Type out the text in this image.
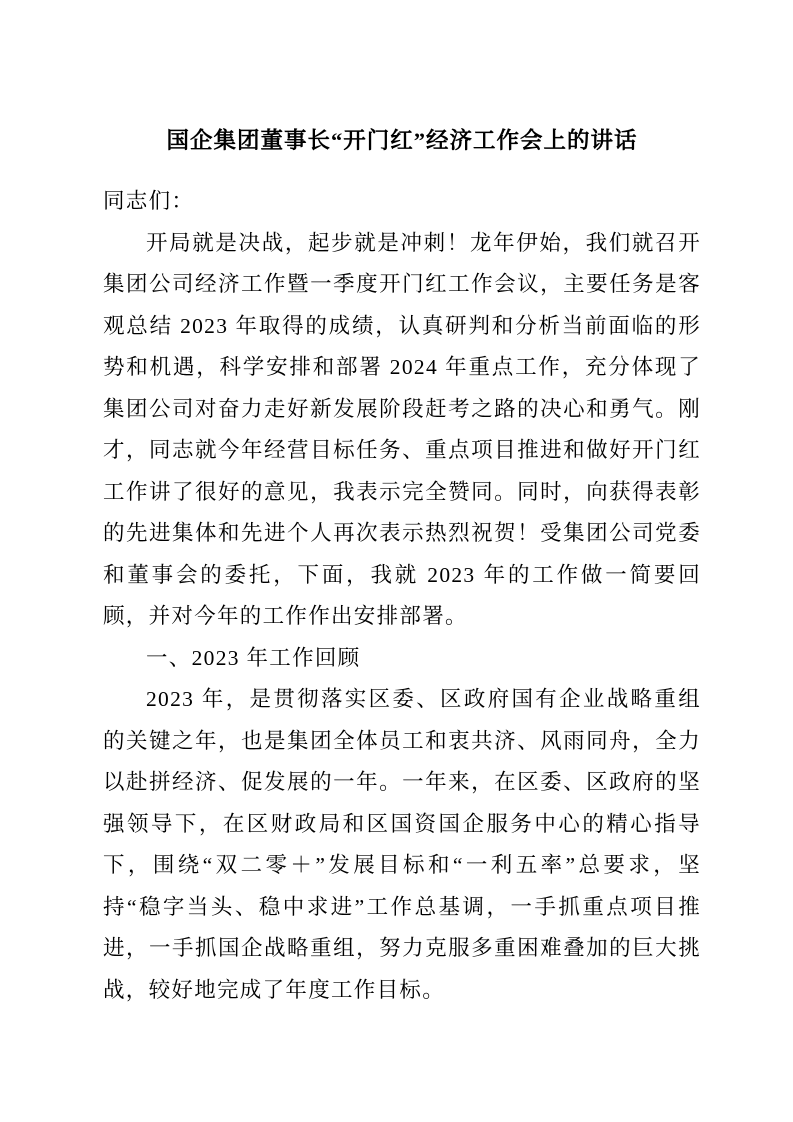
国企集团董事长“开门红”经济工作会上的讲话

同志们：

开局就是决战，起步就是冲刺！龙年伊始，我们就召开集团公司经济工作暨一季度开门红工作会议，主要任务是客观总结 2023 年取得的成绩，认真研判和分析当前面临的形势和机遇，科学安排和部署 2024 年重点工作，充分体现了集团公司对奋力走好新发展阶段赶考之路的决心和勇气。刚才，同志就今年经营目标任务、重点项目推进和做好开门红工作讲了很好的意见，我表示完全赞同。同时，向获得表彰的先进集体和先进个人再次表示热烈祝贺！受集团公司党委和董事会的委托，下面，我就 2023 年的工作做一简要回顾，并对今年的工作作出安排部署。

一、2023 年工作回顾

2023 年，是贯彻落实区委、区政府国有企业战略重组的关键之年，也是集团全体员工和衷共济、风雨同舟，全力以赴拼经济、促发展的一年。一年来，在区委、区政府的坚强领导下，在区财政局和区国资国企服务中心的精心指导下，围绕“双二零＋”发展目标和“一利五率”总要求，坚持“稳字当头、稳中求进”工作总基调，一手抓重点项目推进，一手抓国企战略重组，努力克服多重困难叠加的巨大挑战，较好地完成了年度工作目标。
